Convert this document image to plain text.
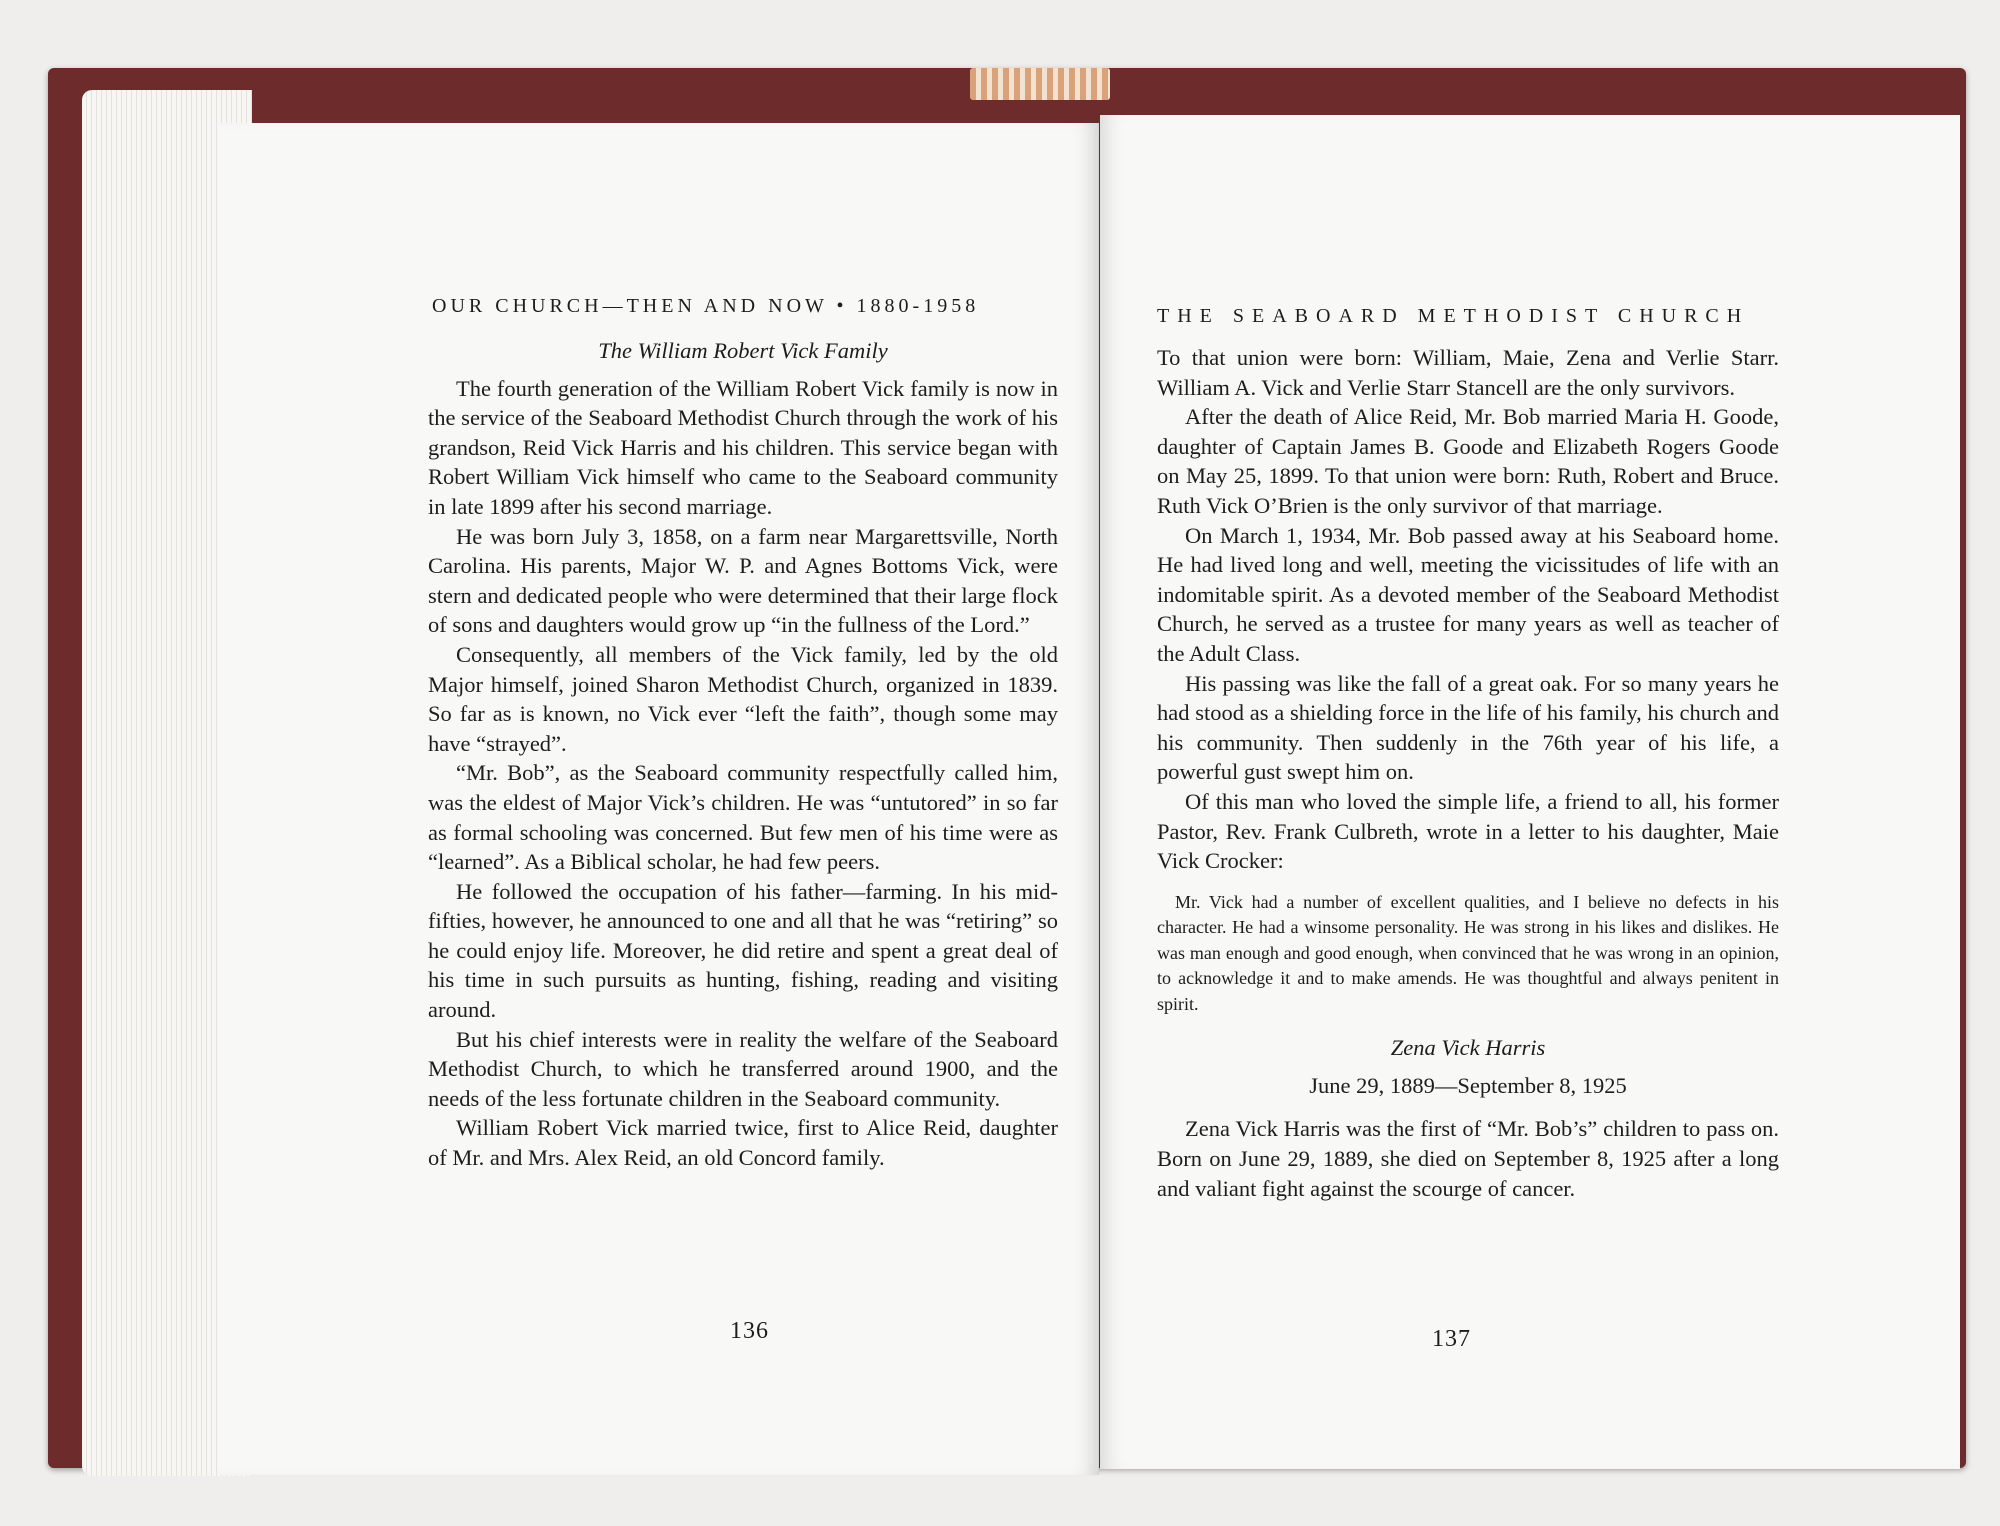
OUR CHURCH—THEN AND NOW • 1880-1958

The William Robert Vick Family

The fourth generation of the William Robert Vick family is now in the service of the Seaboard Methodist Church through the work of his grandson, Reid Vick Harris and his children. This service began with Robert William Vick himself who came to the Seaboard community in late 1899 after his second marriage.

He was born July 3, 1858, on a farm near Margarettsville, North Carolina. His parents, Major W. P. and Agnes Bottoms Vick, were stern and dedicated people who were determined that their large flock of sons and daughters would grow up “in the fullness of the Lord.”

Consequently, all members of the Vick family, led by the old Major himself, joined Sharon Methodist Church, organized in 1839. So far as is known, no Vick ever “left the faith”, though some may have “strayed”.

“Mr. Bob”, as the Seaboard community respectfully called him, was the eldest of Major Vick’s children. He was “untutored” in so far as formal schooling was concerned. But few men of his time were as “learned”. As a Biblical scholar, he had few peers.

He followed the occupation of his father—farming. In his mid-fifties, however, he announced to one and all that he was “retiring” so he could enjoy life. Moreover, he did retire and spent a great deal of his time in such pursuits as hunting, fishing, reading and visiting around.

But his chief interests were in reality the welfare of the Seaboard Methodist Church, to which he transferred around 1900, and the needs of the less fortunate children in the Seaboard community.

William Robert Vick married twice, first to Alice Reid, daughter of Mr. and Mrs. Alex Reid, an old Concord family.

136
THE SEABOARD METHODIST CHURCH

To that union were born: William, Maie, Zena and Verlie Starr. William A. Vick and Verlie Starr Stancell are the only survivors.

After the death of Alice Reid, Mr. Bob married Maria H. Goode, daughter of Captain James B. Goode and Elizabeth Rogers Goode on May 25, 1899. To that union were born: Ruth, Robert and Bruce. Ruth Vick O’Brien is the only survivor of that marriage.

On March 1, 1934, Mr. Bob passed away at his Seaboard home. He had lived long and well, meeting the vicissitudes of life with an indomitable spirit. As a devoted member of the Seaboard Methodist Church, he served as a trustee for many years as well as teacher of the Adult Class.

His passing was like the fall of a great oak. For so many years he had stood as a shielding force in the life of his family, his church and his community. Then suddenly in the 76th year of his life, a powerful gust swept him on.

Of this man who loved the simple life, a friend to all, his former Pastor, Rev. Frank Culbreth, wrote in a letter to his daughter, Maie Vick Crocker:

Mr. Vick had a number of excellent qualities, and I believe no defects in his character. He had a winsome personality. He was strong in his likes and dislikes. He was man enough and good enough, when convinced that he was wrong in an opinion, to acknowledge it and to make amends. He was thoughtful and always penitent in spirit.

Zena Vick Harris

June 29, 1889—September 8, 1925

Zena Vick Harris was the first of “Mr. Bob’s” children to pass on. Born on June 29, 1889, she died on September 8, 1925 after a long and valiant fight against the scourge of cancer.

137
